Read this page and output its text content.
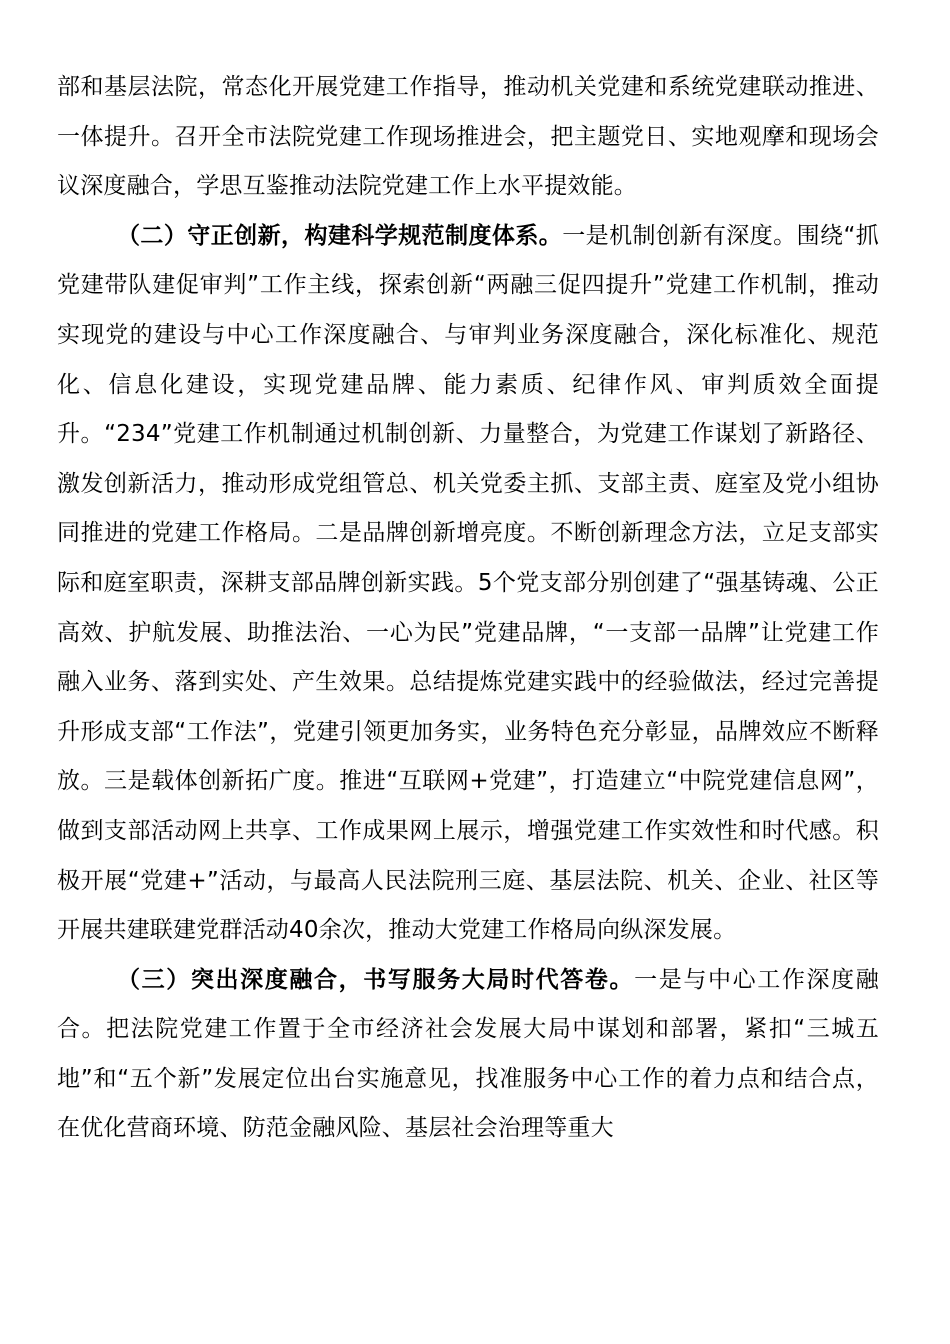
部和基层法院，常态化开展党建工作指导，推动机关党建和系统党建联动推进、一体提升。召开全市法院党建工作现场推进会，把主题党日、实地观摩和现场会议深度融合，学思互鉴推动法院党建工作上水平提效能。

（二）守正创新，构建科学规范制度体系。一是机制创新有深度。围绕“抓党建带队建促审判”工作主线，探索创新“两融三促四提升”党建工作机制，推动实现党的建设与中心工作深度融合、与审判业务深度融合，深化标准化、规范化、信息化建设，实现党建品牌、能力素质、纪律作风、审判质效全面提升。“234”党建工作机制通过机制创新、力量整合，为党建工作谋划了新路径、激发创新活力，推动形成党组管总、机关党委主抓、支部主责、庭室及党小组协同推进的党建工作格局。二是品牌创新增亮度。不断创新理念方法，立足支部实际和庭室职责，深耕支部品牌创新实践。5个党支部分别创建了“强基铸魂、公正高效、护航发展、助推法治、一心为民”党建品牌，“一支部一品牌”让党建工作融入业务、落到实处、产生效果。总结提炼党建实践中的经验做法，经过完善提升形成支部“工作法”，党建引领更加务实，业务特色充分彰显，品牌效应不断释放。三是载体创新拓广度。推进“互联网+党建”，打造建立“中院党建信息网”，做到支部活动网上共享、工作成果网上展示，增强党建工作实效性和时代感。积极开展“党建+”活动，与最高人民法院刑三庭、基层法院、机关、企业、社区等开展共建联建党群活动40余次，推动大党建工作格局向纵深发展。

（三）突出深度融合，书写服务大局时代答卷。一是与中心工作深度融合。把法院党建工作置于全市经济社会发展大局中谋划和部署，紧扣“三城五地”和“五个新”发展定位出台实施意见，找准服务中心工作的着力点和结合点，在优化营商环境、防范金融风险、基层社会治理等重大
